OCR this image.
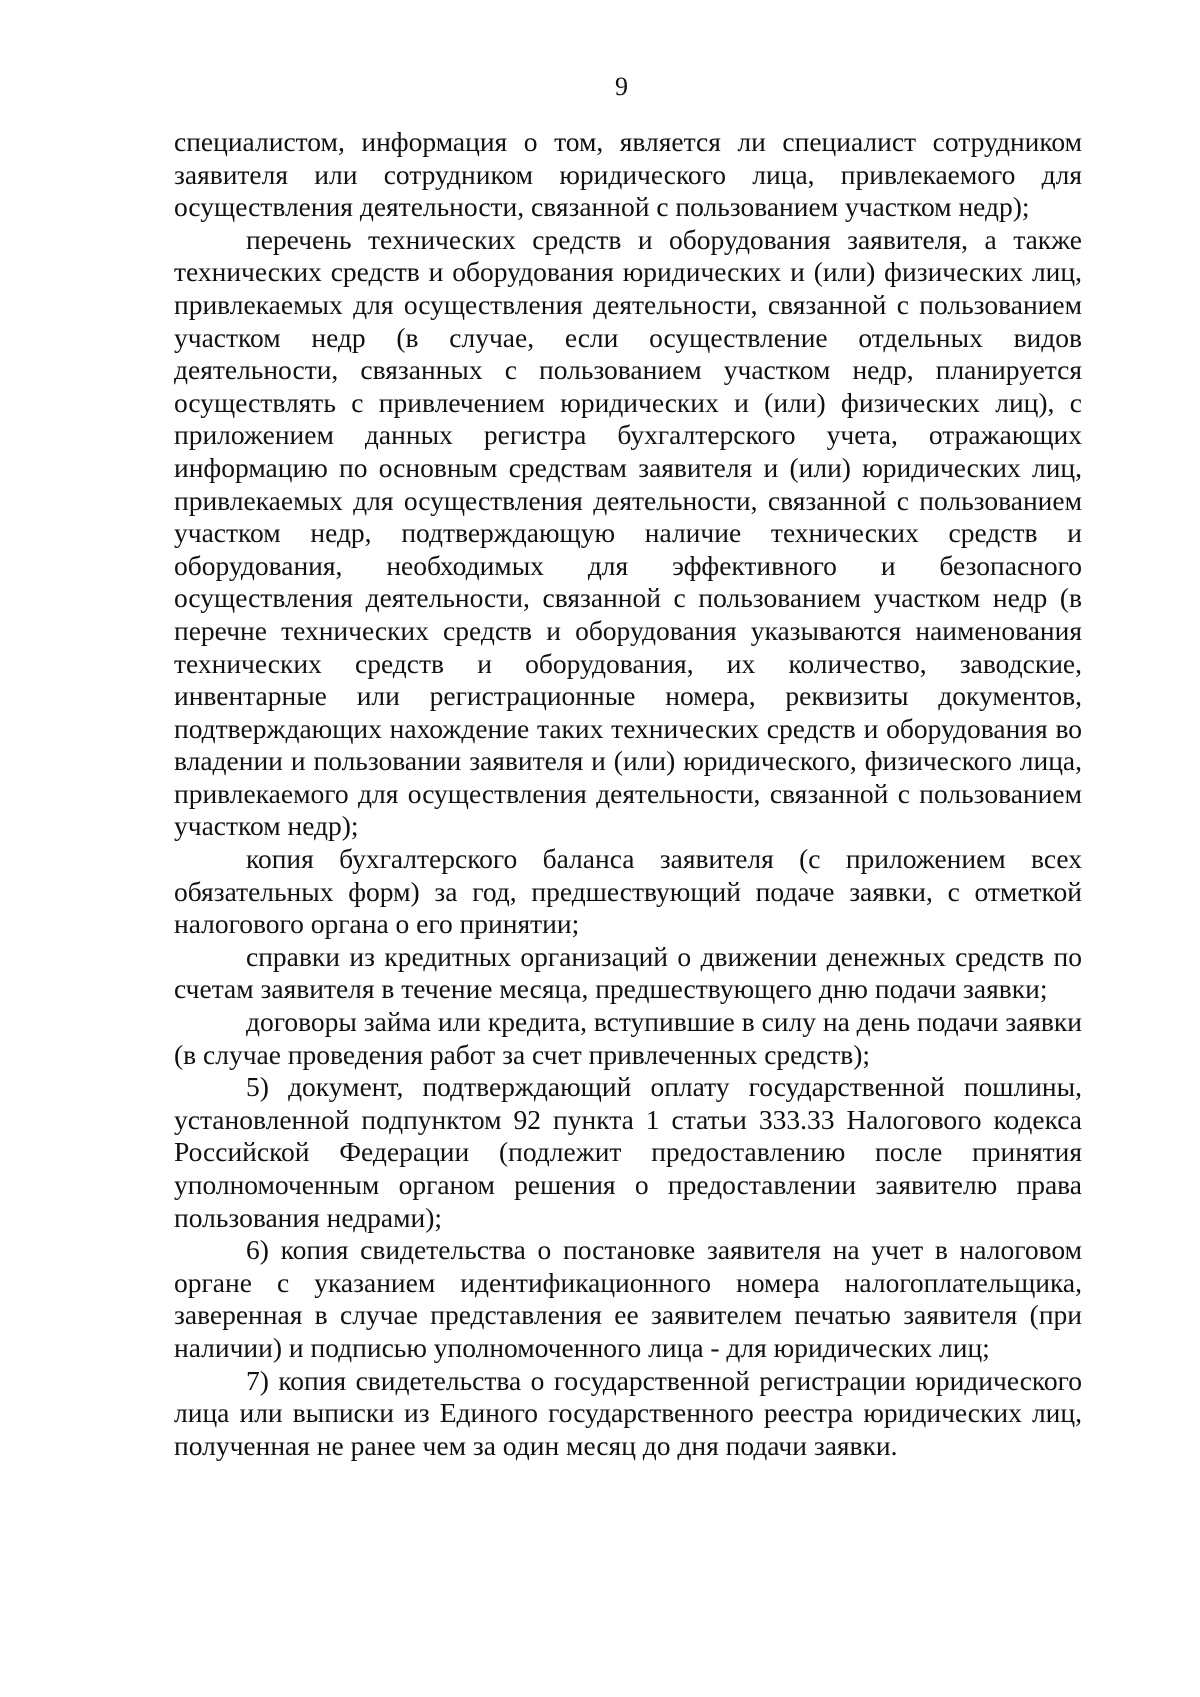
9

специалистом, информация о том, является ли специалист сотрудником заявителя или сотрудником юридического лица, привлекаемого для осуществления деятельности, связанной с пользованием участком недр);

перечень технических средств и оборудования заявителя, а также технических средств и оборудования юридических и (или) физических лиц, привлекаемых для осуществления деятельности, связанной с пользованием участком недр (в случае, если осуществление отдельных видов деятельности, связанных с пользованием участком недр, планируется осуществлять с привлечением юридических и (или) физических лиц), с приложением данных регистра бухгалтерского учета, отражающих информацию по основным средствам заявителя и (или) юридических лиц, привлекаемых для осуществления деятельности, связанной с пользованием участком недр, подтверждающую наличие технических средств и оборудования, необходимых для эффективного и безопасного осуществления деятельности, связанной с пользованием участком недр (в перечне технических средств и оборудования указываются наименования технических средств и оборудования, их количество, заводские, инвентарные или регистрационные номера, реквизиты документов, подтверждающих нахождение таких технических средств и оборудования во владении и пользовании заявителя и (или) юридического, физического лица, привлекаемого для осуществления деятельности, связанной с пользованием участком недр);

копия бухгалтерского баланса заявителя (с приложением всех обязательных форм) за год, предшествующий подаче заявки, с отметкой налогового органа о его принятии;

справки из кредитных организаций о движении денежных средств по счетам заявителя в течение месяца, предшествующего дню подачи заявки;

договоры займа или кредита, вступившие в силу на день подачи заявки (в случае проведения работ за счет привлеченных средств);

5) документ, подтверждающий оплату государственной пошлины, установленной подпунктом 92 пункта 1 статьи 333.33 Налогового кодекса Российской Федерации (подлежит предоставлению после принятия уполномоченным органом решения о предоставлении заявителю права пользования недрами);

6) копия свидетельства о постановке заявителя на учет в налоговом органе с указанием идентификационного номера налогоплательщика, заверенная в случае представления ее заявителем печатью заявителя (при наличии) и подписью уполномоченного лица - для юридических лиц;

7) копия свидетельства о государственной регистрации юридического лица или выписки из Единого государственного реестра юридических лиц, полученная не ранее чем за один месяц до дня подачи заявки.
